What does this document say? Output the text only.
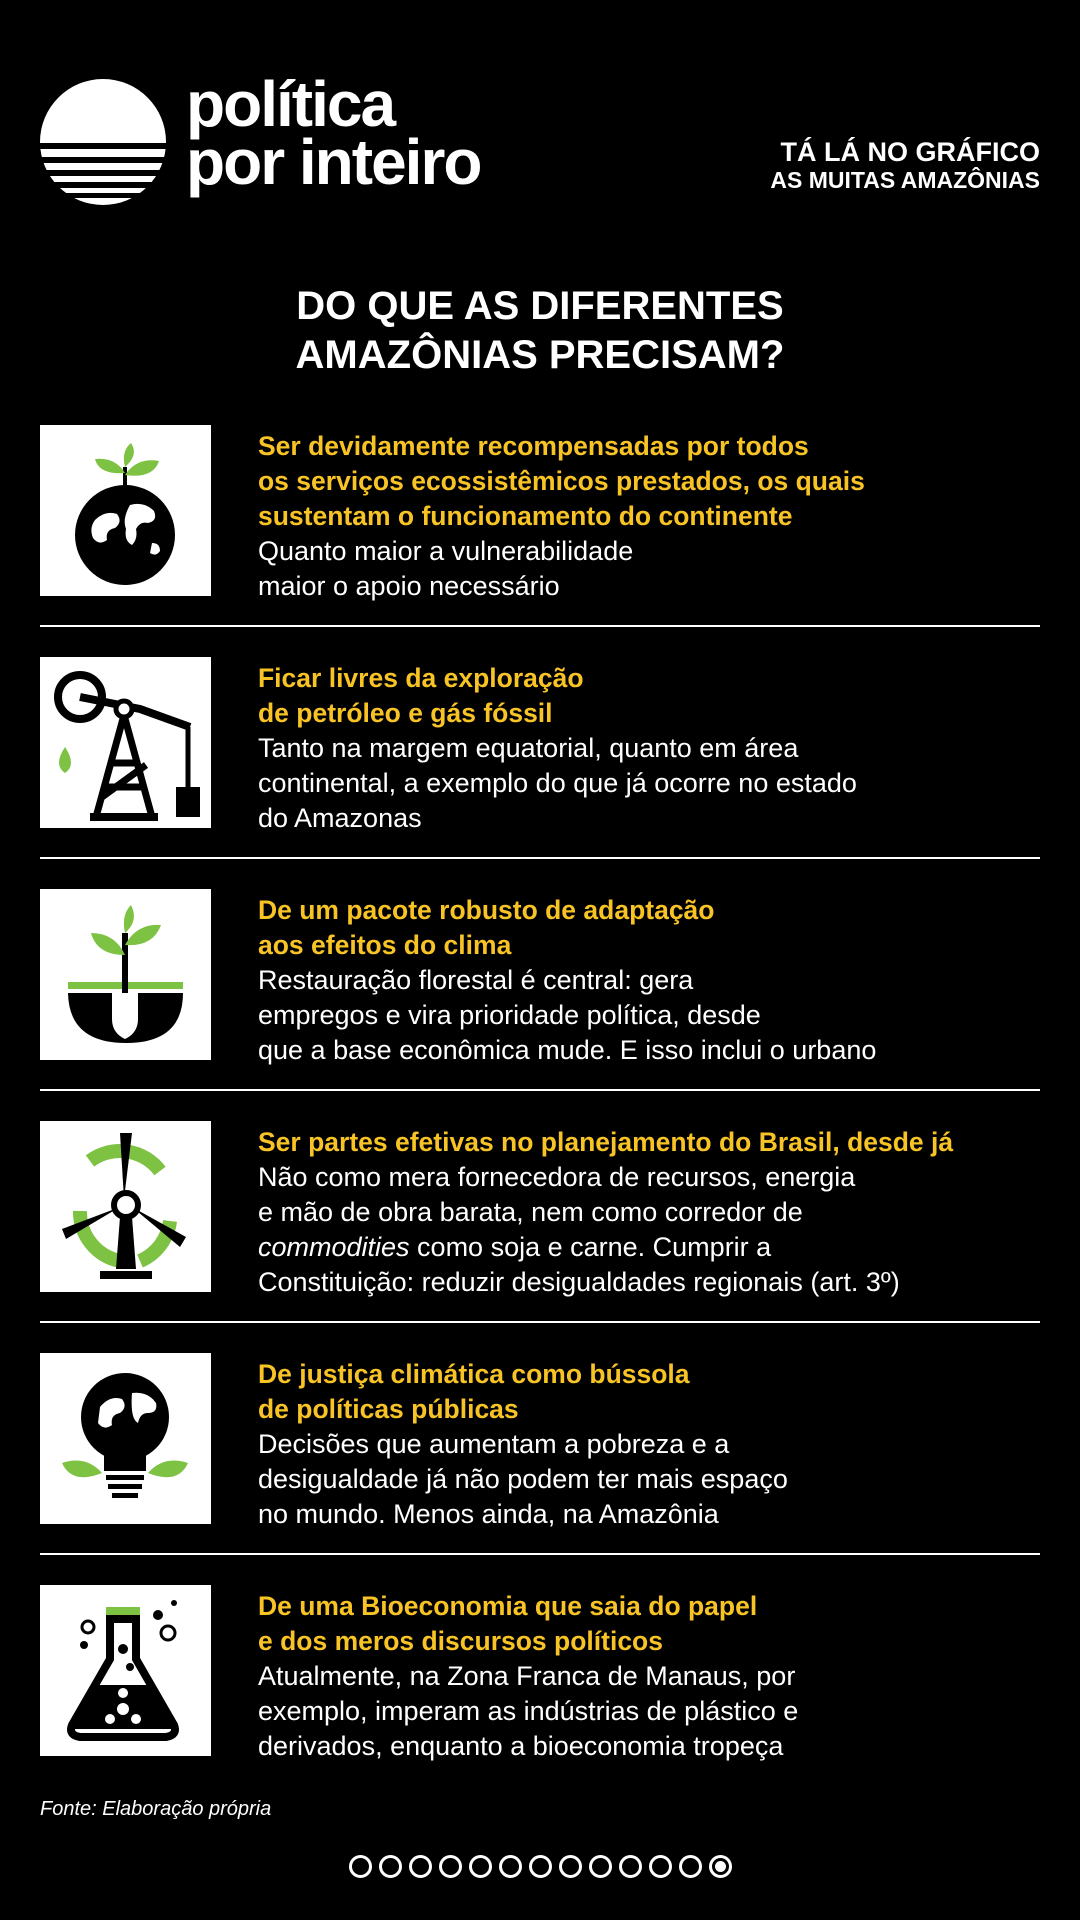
política
por inteiro	TÁ LÁ NO GRÁFICO
AS MUITAS AMAZÔNIAS
DO QUE AS DIFERENTES
AMAZÔNIAS PRECISAM?
Ser devidamente recompensadas por todos
os serviços ecossistêmicos prestados, os quais
sustentam o funcionamento do continente
Quanto maior a vulnerabilidade
maior o apoio necessário
Ficar livres da exploração
de petróleo e gás fóssil
Tanto na margem equatorial, quanto em área
continental, a exemplo do que já ocorre no estado
do Amazonas
De um pacote robusto de adaptação
aos efeitos do clima
Restauração florestal é central: gera
empregos e vira prioridade política, desde
que a base econômica mude. E isso inclui o urbano
Ser partes efetivas no planejamento do Brasil, desde já
Não como mera fornecedora de recursos, energia
e mão de obra barata, nem como corredor de
commodities como soja e carne. Cumprir a
Constituição: reduzir desigualdades regionais (art. 3º)
De justiça climática como bússola
de políticas públicas
Decisões que aumentam a pobreza e a
desigualdade já não podem ter mais espaço
no mundo. Menos ainda, na Amazônia
De uma Bioeconomia que saia do papel
e dos meros discursos políticos
Atualmente, na Zona Franca de Manaus, por
exemplo, imperam as indústrias de plástico e
derivados, enquanto a bioeconomia tropeça
Fonte: Elaboração própria
